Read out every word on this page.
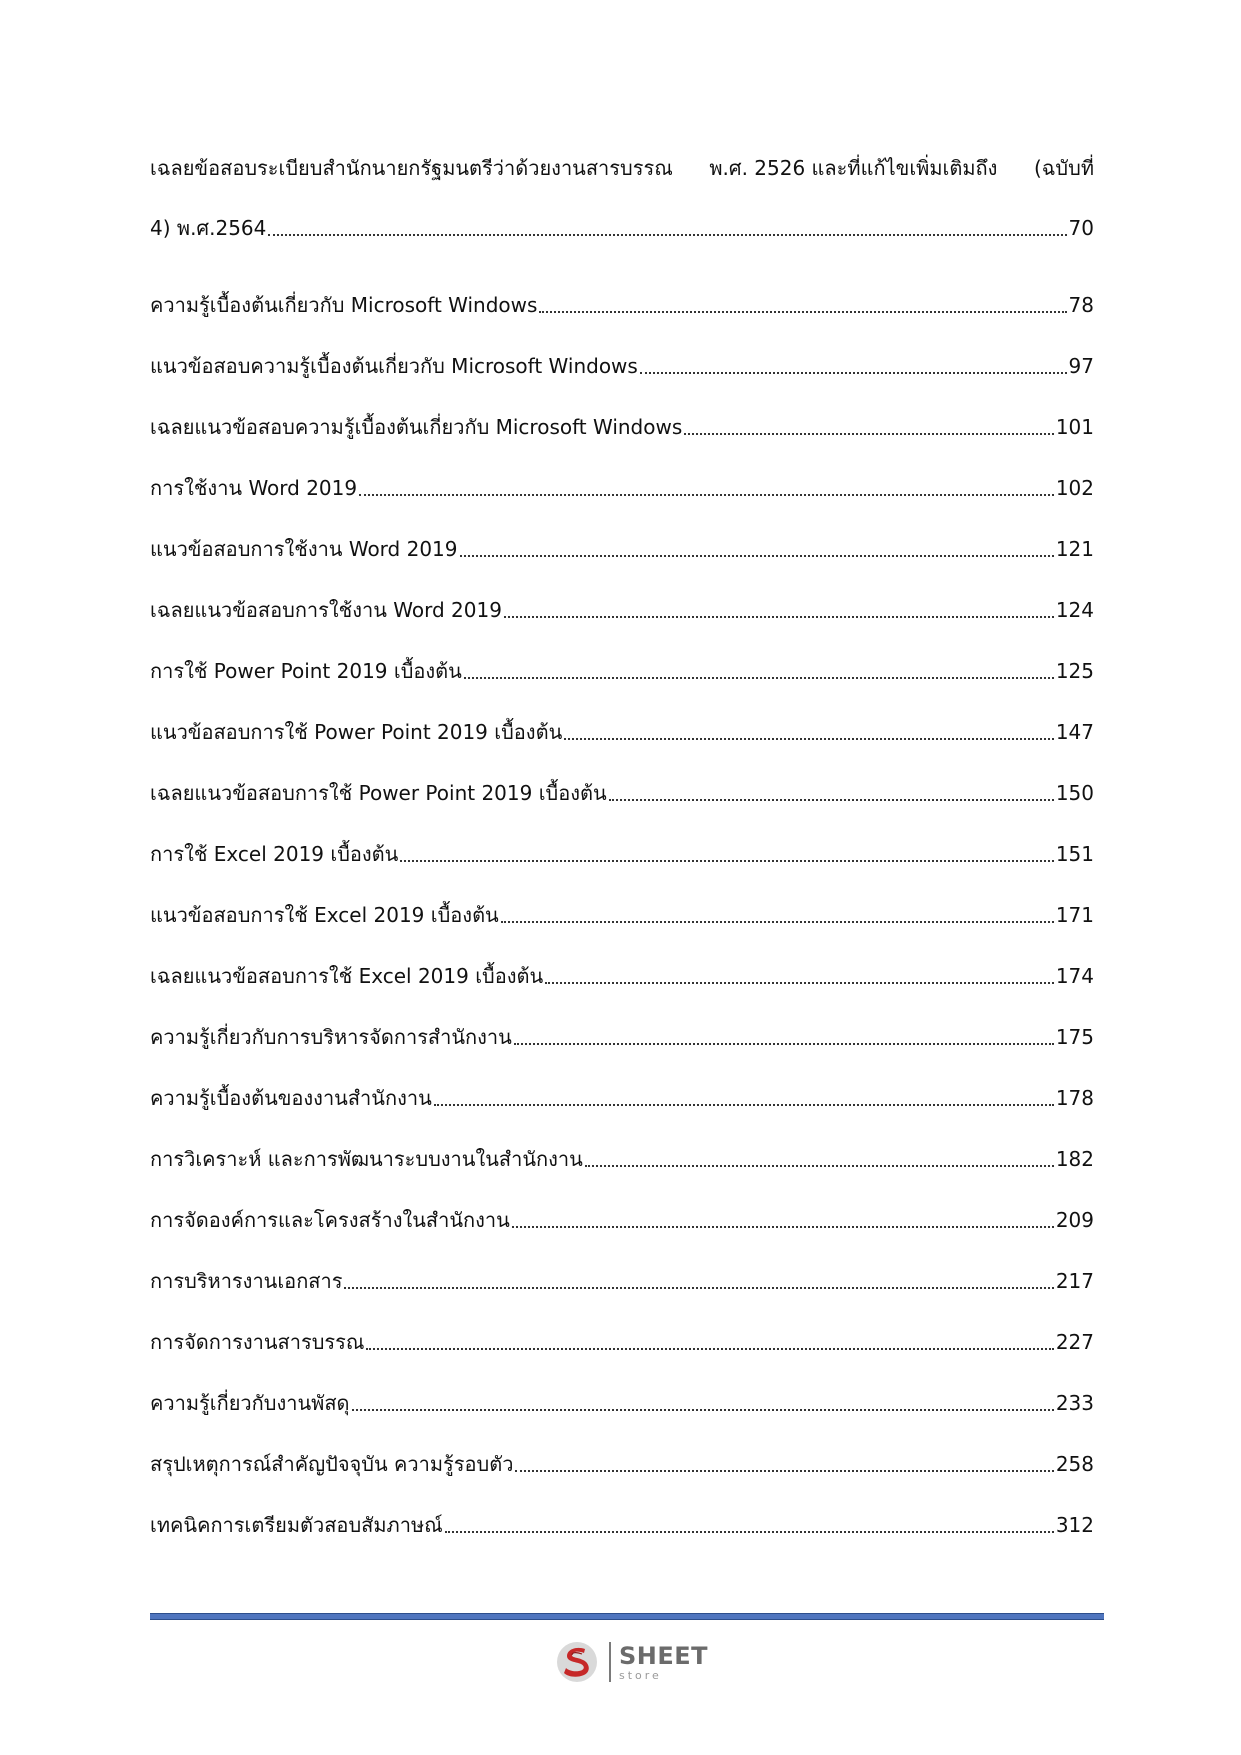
เฉลยข้อสอบระเบียบสำนักนายกรัฐมนตรีว่าด้วยงานสารบรรณ พ.ศ. 2526 และที่แก้ไขเพิ่มเติมถึง (ฉบับที่
4) พ.ศ.2564	70
ความรู้เบื้องต้นเกี่ยวกับ Microsoft Windows	78
แนวข้อสอบความรู้เบื้องต้นเกี่ยวกับ Microsoft Windows	97
เฉลยแนวข้อสอบความรู้เบื้องต้นเกี่ยวกับ Microsoft Windows	101
การใช้งาน Word 2019	102
แนวข้อสอบการใช้งาน Word 2019	121
เฉลยแนวข้อสอบการใช้งาน Word 2019	124
การใช้ Power Point 2019 เบื้องต้น	125
แนวข้อสอบการใช้ Power Point 2019 เบื้องต้น	147
เฉลยแนวข้อสอบการใช้ Power Point 2019 เบื้องต้น	150
การใช้ Excel 2019 เบื้องต้น	151
แนวข้อสอบการใช้ Excel 2019 เบื้องต้น	171
เฉลยแนวข้อสอบการใช้ Excel 2019 เบื้องต้น	174
ความรู้เกี่ยวกับการบริหารจัดการสำนักงาน	175
ความรู้เบื้องต้นของงานสำนักงาน	178
การวิเคราะห์ และการพัฒนาระบบงานในสำนักงาน	182
การจัดองค์การและโครงสร้างในสำนักงาน	209
การบริหารงานเอกสาร	217
การจัดการงานสารบรรณ	227
ความรู้เกี่ยวกับงานพัสดุ	233
สรุปเหตุการณ์สำคัญปัจจุบัน ความรู้รอบตัว	258
เทคนิคการเตรียมตัวสอบสัมภาษณ์	312
SHEET
store
